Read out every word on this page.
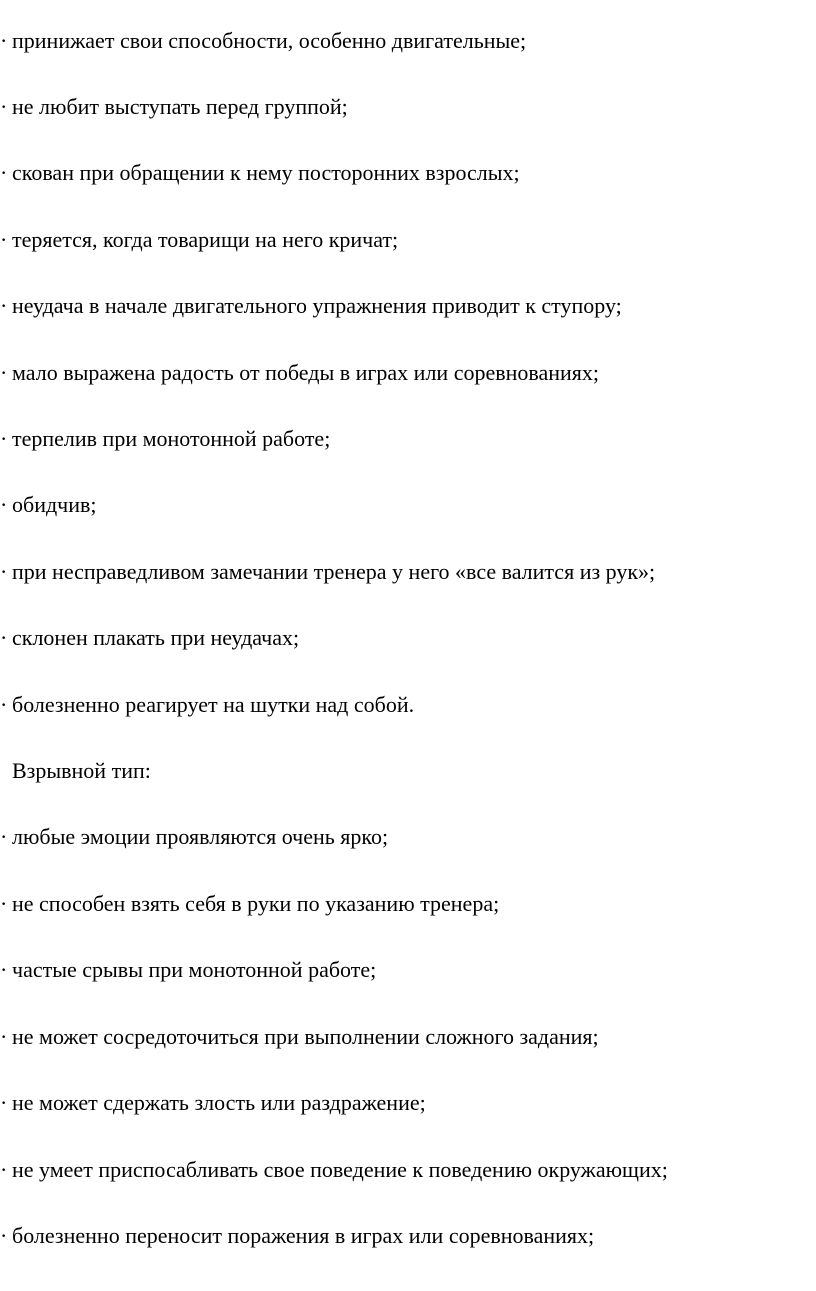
· принижает свои способности, особенно двигательные;
· не любит выступать перед группой;
· скован при обращении к нему посторонних взрослых;
· теряется, когда товарищи на него кричат;
· неудача в начале двигательного упражнения приводит к ступору;
· мало выражена радость от победы в играх или соревнованиях;
· терпелив при монотонной работе;
· обидчив;
· при несправедливом замечании тренера у него «все валится из рук»;
· склонен плакать при неудачах;
· болезненно реагирует на шутки над собой.
Взрывной тип:
· любые эмоции проявляются очень ярко;
· не способен взять себя в руки по указанию тренера;
· частые срывы при монотонной работе;
· не может сосредоточиться при выполнении сложного задания;
· не может сдержать злость или раздражение;
· не умеет приспосабливать свое поведение к поведению окружающих;
· болезненно переносит поражения в играх или соревнованиях;
